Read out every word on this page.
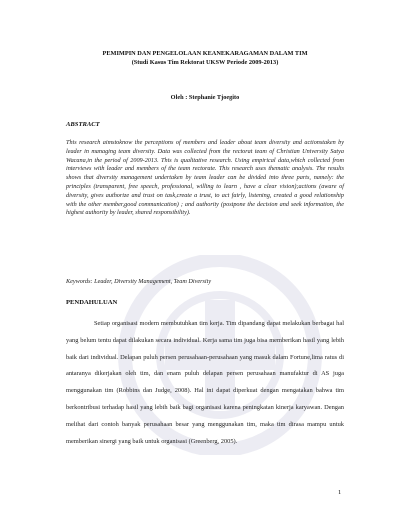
PEMIMPIN DAN PENGELOLAAN KEANEKARAGAMAN DALAM TIM
(Studi Kasus Tim Rektorat UKSW Periode 2009-2013)
Oleh : Stephanie Tjoegito
ABSTRACT
This research aimstoknow the perceptions of members and leader about team diversity and actionstaken by leader in managing team diversity. Data was collected from the rectorat team of Christian University Satya Wacana,in the period of 2009-2013. This is qualitative research. Using empirical data,which collected from interviews with leader and members of the team rectorate. This research uses thematic analysis. The results shows that diversity management undertaken by team leader can be divided into three parts, namely: the principles (transparent, free speech, professional, willing to learn , have a clear vision);actions (aware of diversity, gives authorize and trust on task,create a trust, to act fairly, listening, created a good relationship with the other member,good communication) ; and authority (postpone the decision and seek information, the highest authority by leader, shared responsibility).
Keywords: Leader, Diversity Management, Team Diversity
PENDAHULUAN

Setiap organisasi modern membutuhkan tim kerja. Tim dipandang dapat melakukan berbagai hal yang belum tentu dapat dilakukan secara individual. Kerja sama tim juga bisa memberikan hasil yang lebih baik dari individual. Delapan puluh persen perusahaan-perusahaan yang masuk dalam Fortune,lima ratus di antaranya dikerjakan oleh tim, dan enam puluh delapan persen perusahaan manufaktur di AS juga menggunakan tim (Robbins dan Judge, 2008). Hal ini dapat diperkuat dengan mengatakan bahwa tim berkontribusi terhadap hasil yang lebih baik bagi organisasi karena peningkatan kinerja karyawan. Dengan melihat dari contoh banyak perusahaan besar yang menggunakan tim, maka tim dirasa mampu untuk memberikan sinergi yang baik untuk organisasi (Greenberg, 2005).

1
